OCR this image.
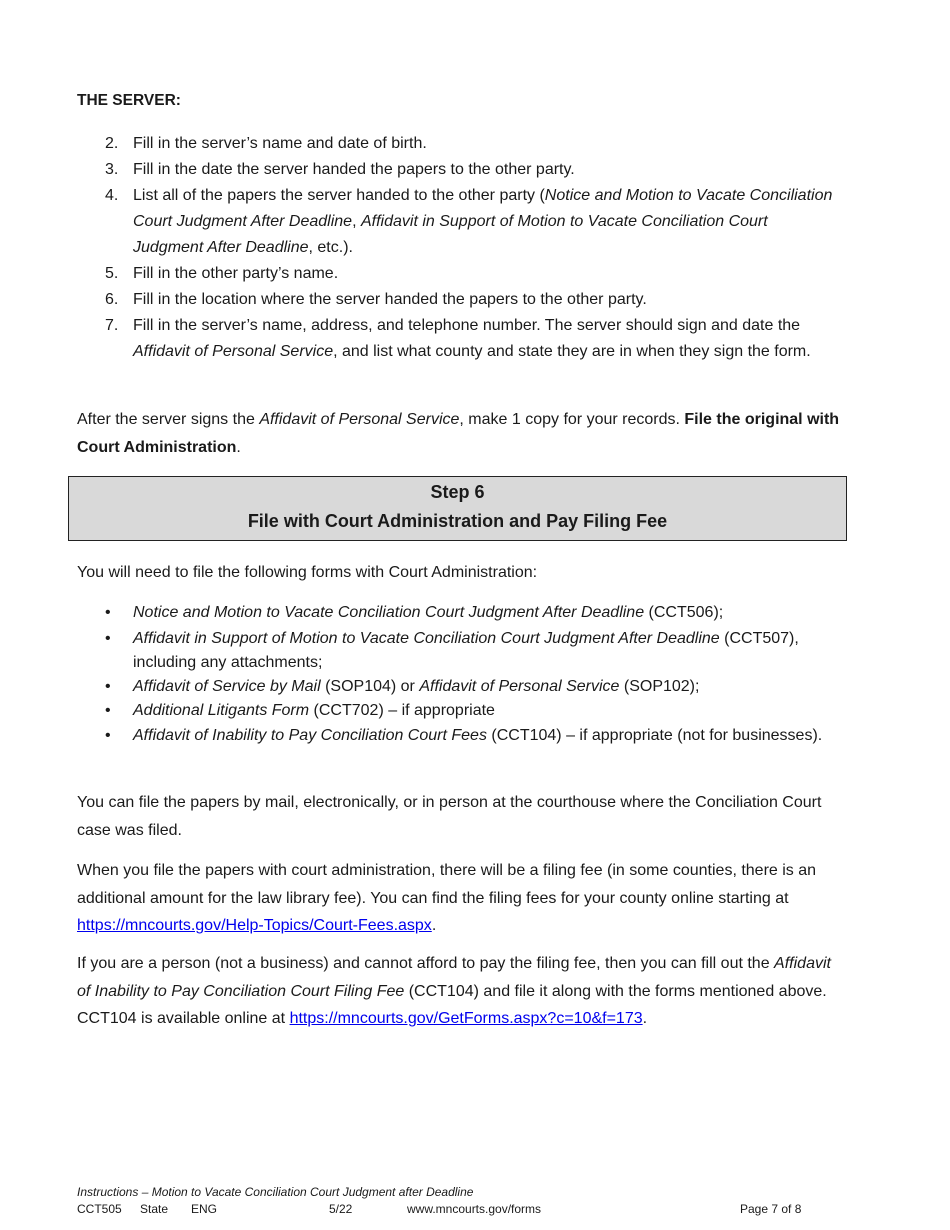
THE SERVER:
2. Fill in the server’s name and date of birth.
3. Fill in the date the server handed the papers to the other party.
4. List all of the papers the server handed to the other party (Notice and Motion to Vacate Conciliation Court Judgment After Deadline, Affidavit in Support of Motion to Vacate Conciliation Court Judgment After Deadline, etc.).
5. Fill in the other party’s name.
6. Fill in the location where the server handed the papers to the other party.
7. Fill in the server’s name, address, and telephone number. The server should sign and date the Affidavit of Personal Service, and list what county and state they are in when they sign the form.

After the server signs the Affidavit of Personal Service, make 1 copy for your records. File the original with Court Administration.

Step 6
File with Court Administration and Pay Filing Fee

You will need to file the following forms with Court Administration:

• Notice and Motion to Vacate Conciliation Court Judgment After Deadline (CCT506);
• Affidavit in Support of Motion to Vacate Conciliation Court Judgment After Deadline (CCT507), including any attachments;
• Affidavit of Service by Mail (SOP104) or Affidavit of Personal Service (SOP102);
• Additional Litigants Form (CCT702) – if appropriate
• Affidavit of Inability to Pay Conciliation Court Fees (CCT104) – if appropriate (not for businesses).

You can file the papers by mail, electronically, or in person at the courthouse where the Conciliation Court case was filed.

When you file the papers with court administration, there will be a filing fee (in some counties, there is an additional amount for the law library fee). You can find the filing fees for your county online starting at https://mncourts.gov/Help-Topics/Court-Fees.aspx.

If you are a person (not a business) and cannot afford to pay the filing fee, then you can fill out the Affidavit of Inability to Pay Conciliation Court Filing Fee (CCT104) and file it along with the forms mentioned above. CCT104 is available online at https://mncourts.gov/GetForms.aspx?c=10&f=173.

Instructions – Motion to Vacate Conciliation Court Judgment after Deadline
CCT505 State ENG	5/22	www.mncourts.gov/forms	Page 7 of 8
